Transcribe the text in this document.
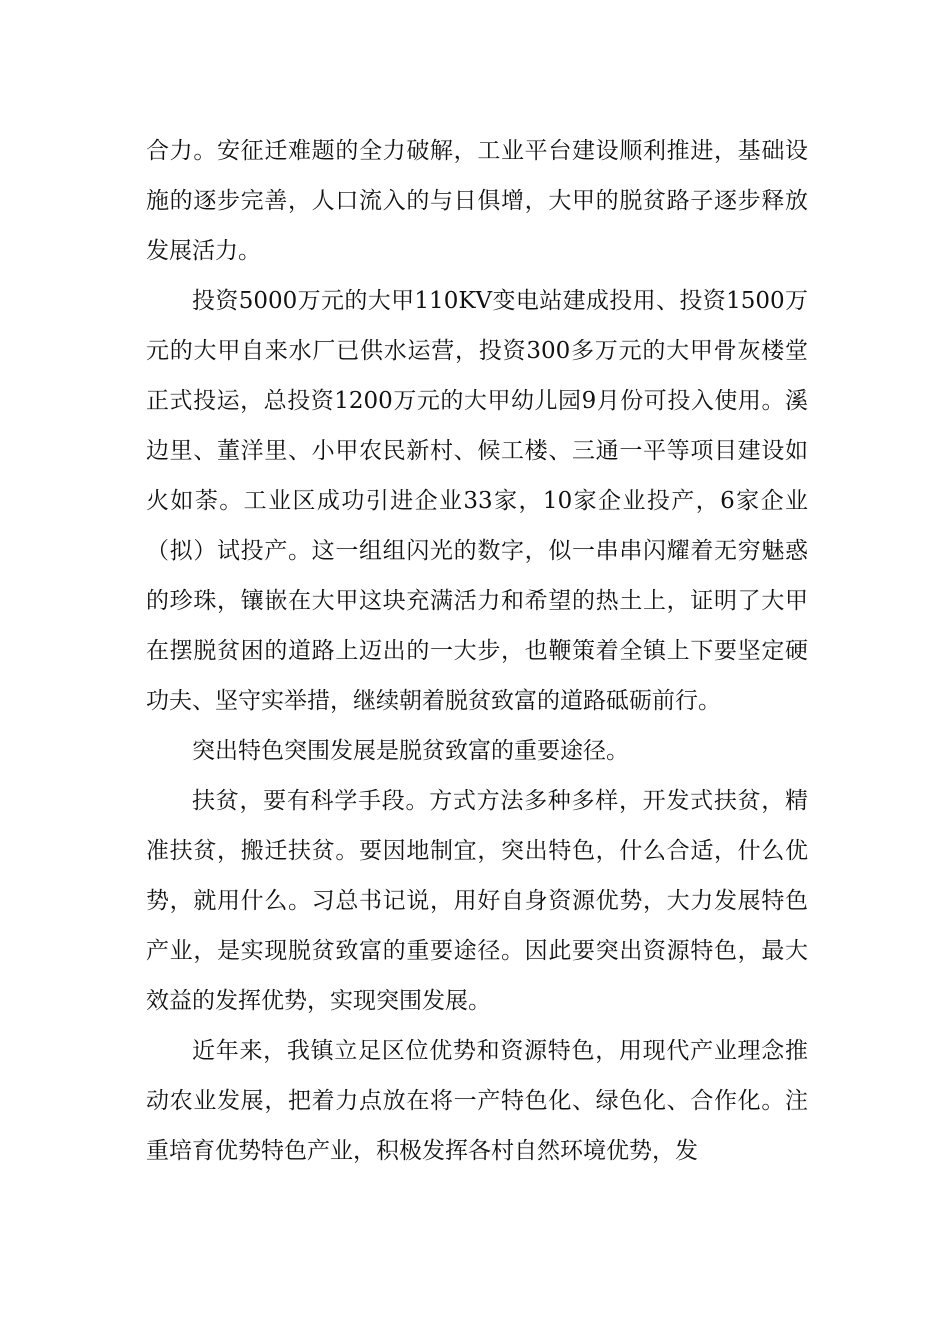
合力。安征迁难题的全力破解，工业平台建设顺利推进，基础设施的逐步完善，人口流入的与日俱增，大甲的脱贫路子逐步释放发展活力。

投资5000万元的大甲110KV变电站建成投用、投资1500万元的大甲自来水厂已供水运营，投资300多万元的大甲骨灰楼堂正式投运，总投资1200万元的大甲幼儿园9月份可投入使用。溪边里、董洋里、小甲农民新村、候工楼、三通一平等项目建设如火如荼。工业区成功引进企业33家，10家企业投产，6家企业（拟）试投产。这一组组闪光的数字，似一串串闪耀着无穷魅惑的珍珠，镶嵌在大甲这块充满活力和希望的热土上，证明了大甲在摆脱贫困的道路上迈出的一大步，也鞭策着全镇上下要坚定硬功夫、坚守实举措，继续朝着脱贫致富的道路砥砺前行。

突出特色突围发展是脱贫致富的重要途径。

扶贫，要有科学手段。方式方法多种多样，开发式扶贫，精准扶贫，搬迁扶贫。要因地制宜，突出特色，什么合适，什么优势，就用什么。习总书记说，用好自身资源优势，大力发展特色产业，是实现脱贫致富的重要途径。因此要突出资源特色，最大效益的发挥优势，实现突围发展。

近年来，我镇立足区位优势和资源特色，用现代产业理念推动农业发展，把着力点放在将一产特色化、绿色化、合作化。注重培育优势特色产业，积极发挥各村自然环境优势，发
